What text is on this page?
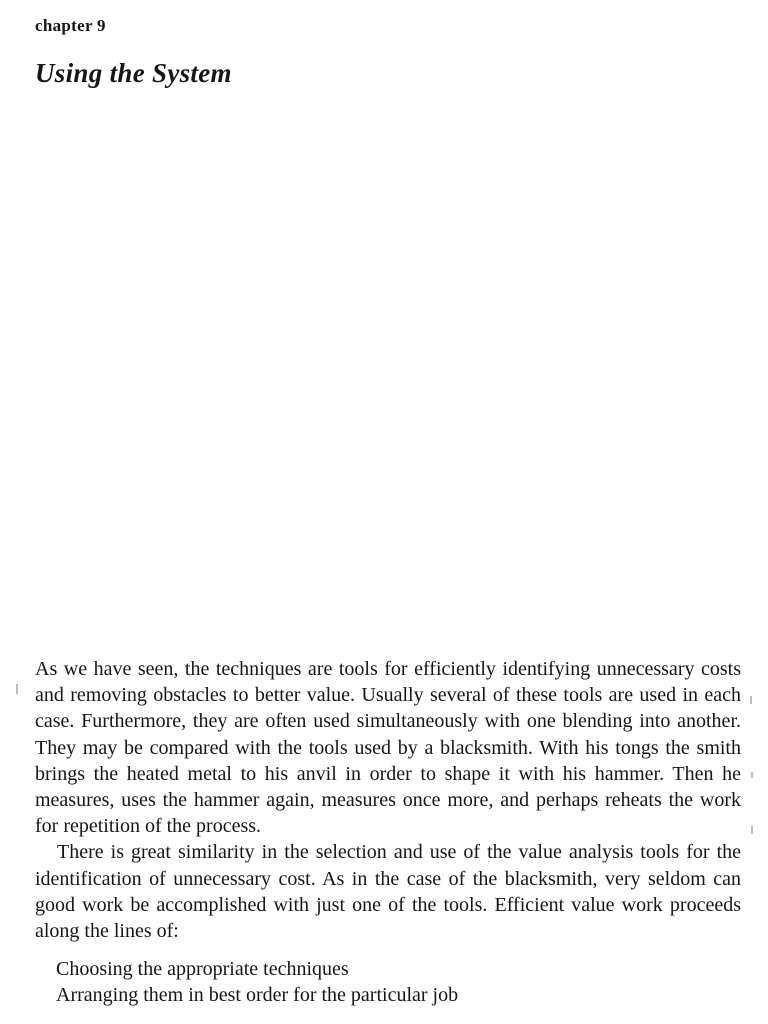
chapter 9
Using the System

As we have seen, the techniques are tools for efficiently identifying unnecessary costs and removing obstacles to better value. Usually several of these tools are used in each case. Furthermore, they are often used simultaneously with one blending into another. They may be compared with the tools used by a blacksmith. With his tongs the smith brings the heated metal to his anvil in order to shape it with his hammer. Then he measures, uses the hammer again, measures once more, and perhaps reheats the work for repetition of the process.

There is great similarity in the selection and use of the value analysis tools for the identification of unnecessary cost. As in the case of the blacksmith, very seldom can good work be accomplished with just one of the tools. Efficient value work proceeds along the lines of:

Choosing the appropriate techniques
Arranging them in best order for the particular job
